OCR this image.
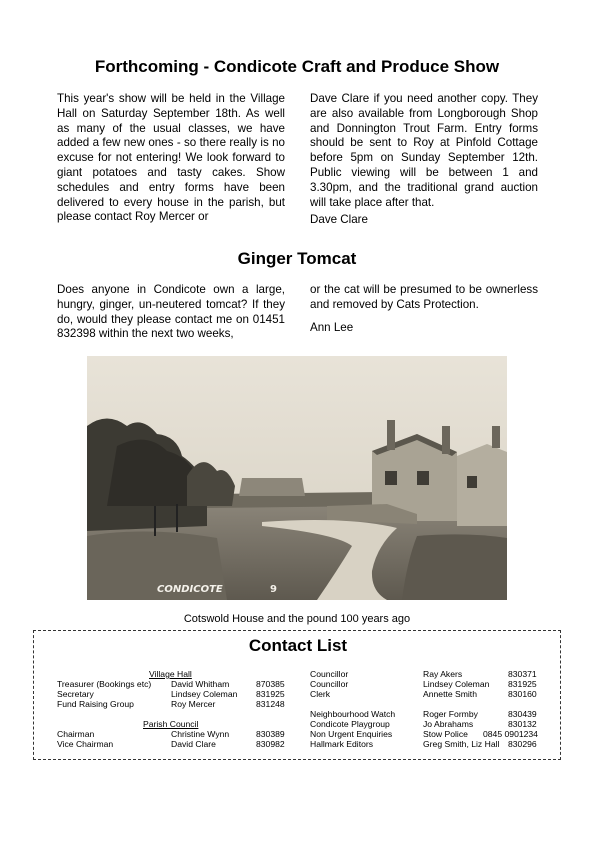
Forthcoming - Condicote Craft and Produce Show

This year's show will be held in the Village Hall on Saturday September 18th. As well as many of the usual classes, we have added a few new ones - so there really is no excuse for not entering! We look forward to giant potatoes and tasty cakes. Show schedules and entry forms have been delivered to every house in the parish, but please contact Roy Mercer or

Dave Clare if you need another copy. They are also available from Longborough Shop and Donnington Trout Farm. Entry forms should be sent to Roy at Pinfold Cottage before 5pm on Sunday September 12th. Public viewing will be between 1 and 3.30pm, and the traditional grand auction will take place after that.

Dave Clare
Ginger Tomcat

Does anyone in Condicote own a large, hungry, ginger, un-neutered tomcat? If they do, would they please contact me on 01451 832398 within the next two weeks,

or the cat will be presumed to be ownerless and removed by Cats Protection.

Ann Lee
CONDICOTE	9
Cotswold House and the pound 100 years ago
Contact List
Village Hall
Treasurer (Bookings etc) David Whitham	870385
Secretary	Lindsey Coleman 831925
Fund Raising Group	Roy Mercer	831248
Parish Council
Chairman	Christine Wynn	830389
Vice Chairman	David Clare	830982
Councillor	Ray Akers	830371
Councillor	Lindsey Coleman 831925
Clerk	Annette Smith	830160
Neighbourhood Watch	Roger Formby	830439
Condicote Playgroup	Jo Abrahams	830132
Non Urgent Enquiries	Stow Police 0845 0901234
Hallmark Editors	Greg Smith, Liz Hall 830296
